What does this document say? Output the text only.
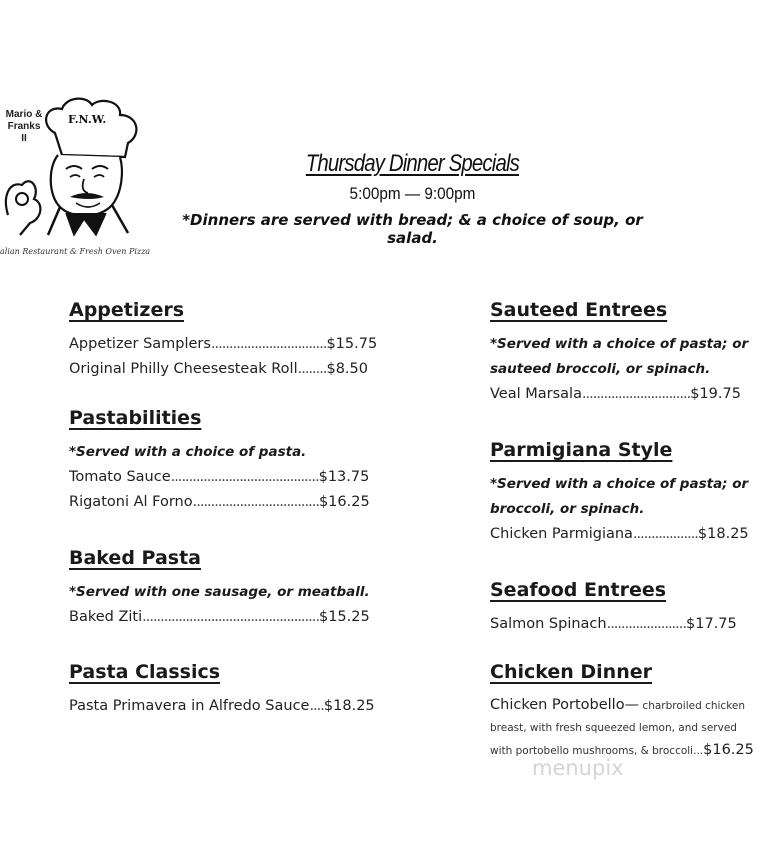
F.N.W.
Mario &
Franks
II
alian Restaurant & Fresh Oven Pizza
Thursday Dinner Specials
5:00pm — 9:00pm
*Dinners are served with bread; & a choice of soup, or salad.
Appetizers
Appetizer Samplers................................$15.75
Original Philly Cheesesteak Roll........$8.50
Pastabilities
*Served with a choice of pasta.
Tomato Sauce.........................................$13.75
Rigatoni Al Forno...................................$16.25
Baked Pasta
*Served with one sausage, or meatball.
Baked Ziti.................................................$15.25
Pasta Classics
Pasta Primavera in Alfredo Sauce....$18.25
Sauteed Entrees
*Served with a choice of pasta; or
sauteed broccoli, or spinach.
Veal Marsala..............................$19.75
Parmigiana Style
*Served with a choice of pasta; or
broccoli, or spinach.
Chicken Parmigiana..................$18.25
Seafood Entrees
Salmon Spinach......................$17.75
Chicken Dinner
Chicken Portobello— charbroiled chicken
breast, with fresh squeezed lemon, and served
with portobello mushrooms, & broccoli...$16.25
menupix
